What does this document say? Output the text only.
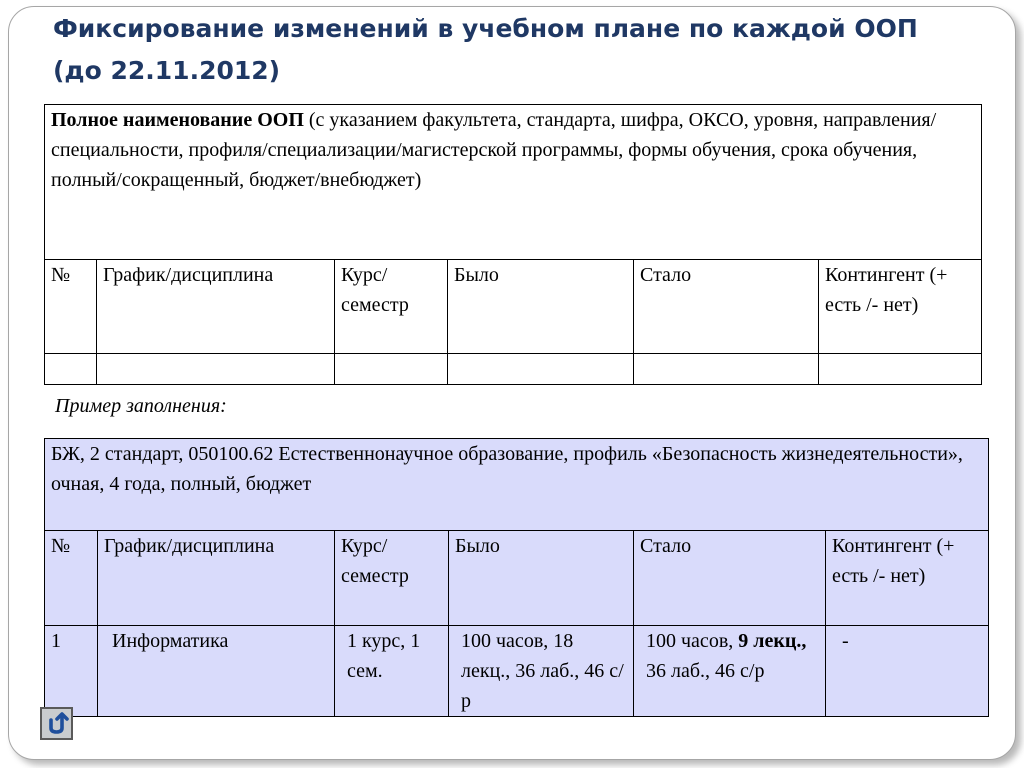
Фиксирование изменений в учебном плане по каждой ООП
(до 22.11.2012)
Полное наименование ООП (с указанием факультета, стандарта, шифра, ОКСО, уровня, направления/специальности, профиля/специализации/магистерской программы, формы обучения, срока обучения, полный/сокращенный, бюджет/внебюджет)					
№	График/дисциплина	Курс/семестр	Было	Стало	Контингент (+ есть /- нет)

Пример заполнения:
БЖ, 2 стандарт, 050100.62 Естественнонаучное образование, профиль «Безопасность жизнедеятельности», очная, 4 года, полный, бюджет					
№	График/дисциплина	Курс/семестр	Было	Стало	Контингент (+ есть /- нет)
1	Информатика	1 курс, 1 сем.	100 часов, 18 лекц., 36 лаб., 46 с/р	100 часов, 9 лекц., 36 лаб., 46 с/р	-
